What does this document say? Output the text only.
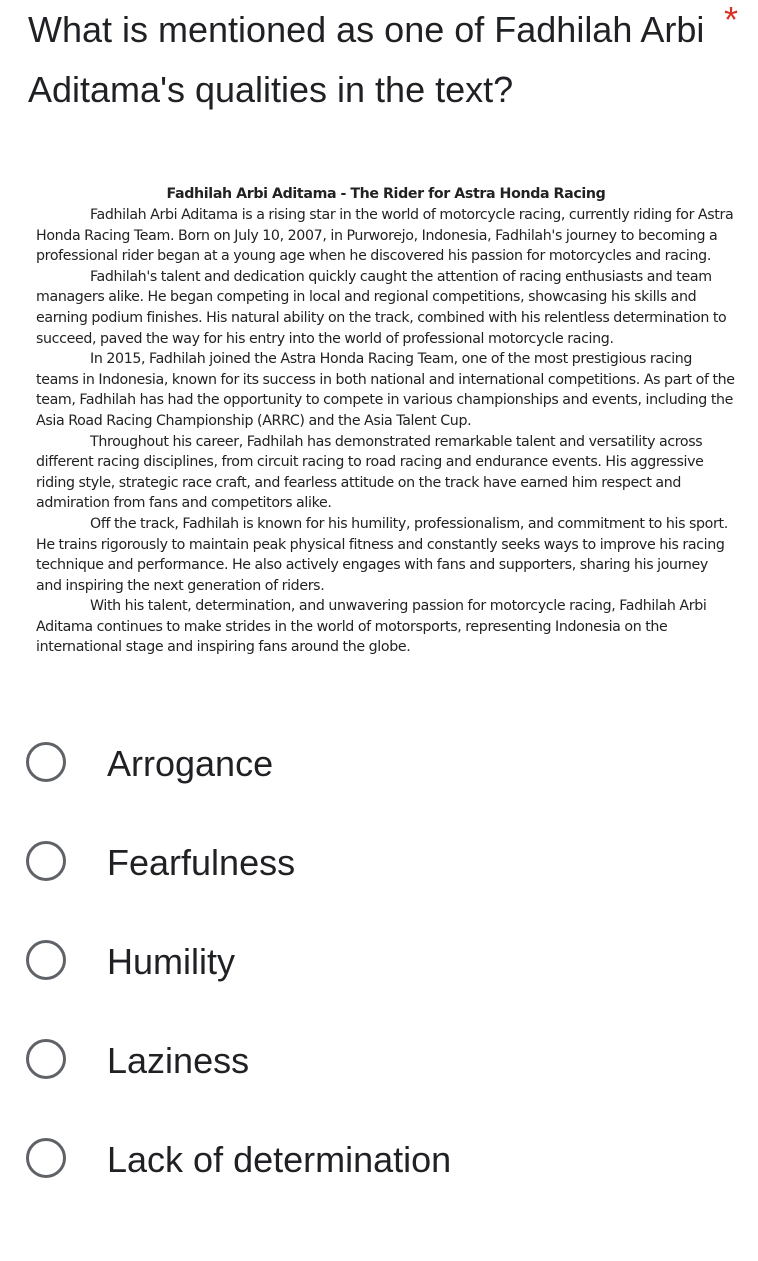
What is mentioned as one of Fadhilah Arbi Aditama's qualities in the text?
*

Fadhilah Arbi Aditama - The Rider for Astra Honda Racing

Fadhilah Arbi Aditama is a rising star in the world of motorcycle racing, currently riding for Astra Honda Racing Team. Born on July 10, 2007, in Purworejo, Indonesia, Fadhilah's journey to becoming a professional rider began at a young age when he discovered his passion for motorcycles and racing.

Fadhilah's talent and dedication quickly caught the attention of racing enthusiasts and team managers alike. He began competing in local and regional competitions, showcasing his skills and earning podium finishes. His natural ability on the track, combined with his relentless determination to succeed, paved the way for his entry into the world of professional motorcycle racing.

In 2015, Fadhilah joined the Astra Honda Racing Team, one of the most prestigious racing teams in Indonesia, known for its success in both national and international competitions. As part of the team, Fadhilah has had the opportunity to compete in various championships and events, including the Asia Road Racing Championship (ARRC) and the Asia Talent Cup.

Throughout his career, Fadhilah has demonstrated remarkable talent and versatility across different racing disciplines, from circuit racing to road racing and endurance events. His aggressive riding style, strategic race craft, and fearless attitude on the track have earned him respect and admiration from fans and competitors alike.

Off the track, Fadhilah is known for his humility, professionalism, and commitment to his sport. He trains rigorously to maintain peak physical fitness and constantly seeks ways to improve his racing technique and performance. He also actively engages with fans and supporters, sharing his journey and inspiring the next generation of riders.

With his talent, determination, and unwavering passion for motorcycle racing, Fadhilah Arbi Aditama continues to make strides in the world of motorsports, representing Indonesia on the international stage and inspiring fans around the globe.

Arrogance
Fearfulness
Humility
Laziness
Lack of determination
